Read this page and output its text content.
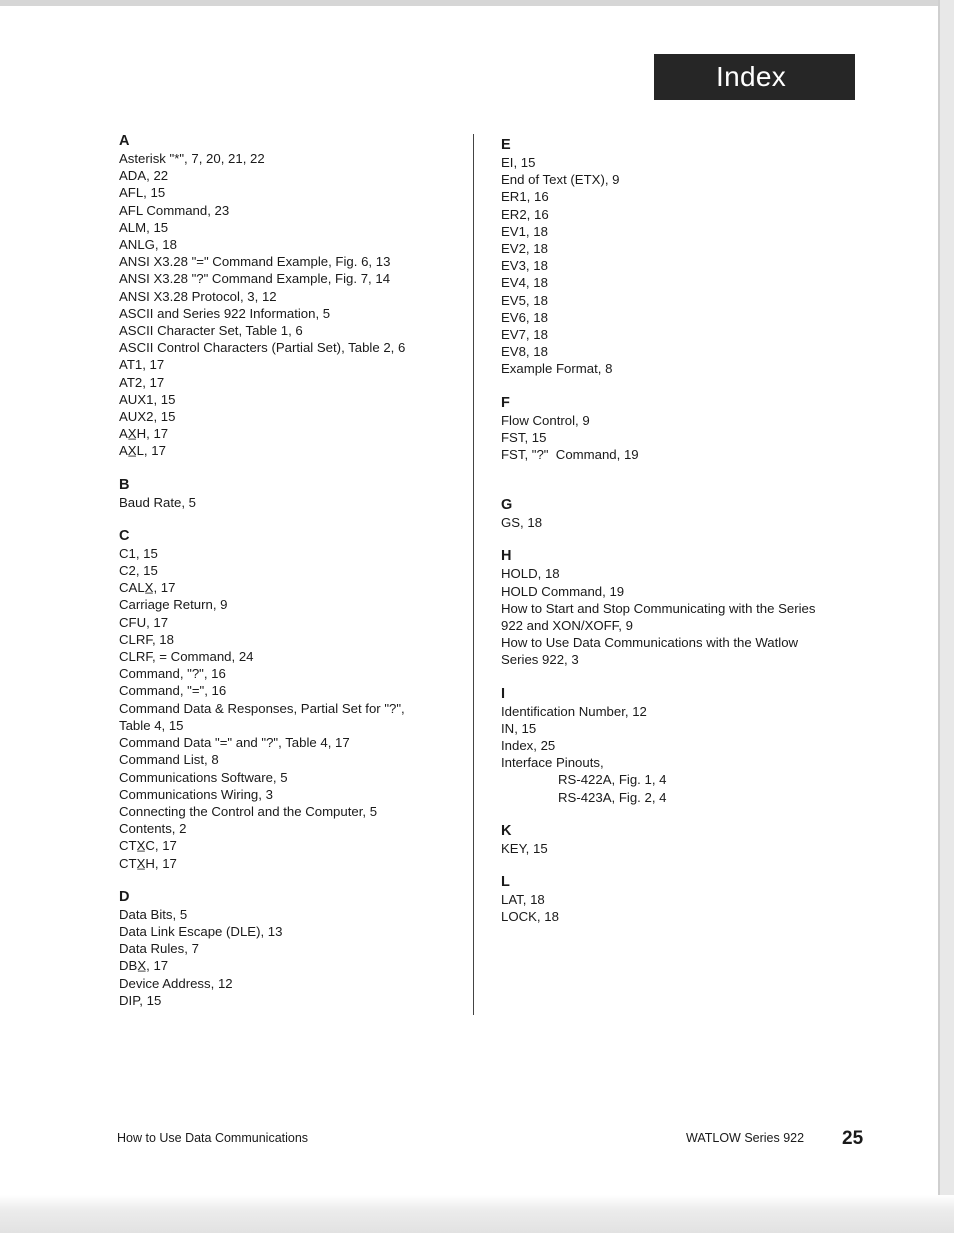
Index
A
Asterisk "*", 7, 20, 21, 22
ADA, 22
AFL, 15
AFL Command, 23
ALM, 15
ANLG, 18
ANSI X3.28 "=" Command Example, Fig. 6, 13
ANSI X3.28 "?" Command Example, Fig. 7, 14
ANSI X3.28 Protocol, 3, 12
ASCII and Series 922 Information, 5
ASCII Character Set, Table 1, 6
ASCII Control Characters (Partial Set), Table 2, 6
AT1, 17
AT2, 17
AUX1, 15
AUX2, 15
AX̲H, 17
AX̲L, 17
B
Baud Rate, 5
C
C1, 15
C2, 15
CALX̲, 17
Carriage Return, 9
CFU, 17
CLRF, 18
CLRF, = Command, 24
Command, "?", 16
Command, "=", 16
Command Data & Responses, Partial Set for "?",
Table 4, 15
Command Data "=" and "?", Table 4, 17
Command List, 8
Communications Software, 5
Communications Wiring, 3
Connecting the Control and the Computer, 5
Contents, 2
CTX̲C, 17
CTX̲H, 17
D
Data Bits, 5
Data Link Escape (DLE), 13
Data Rules, 7
DBX̲, 17
Device Address, 12
DIP, 15
E
EI, 15
End of Text (ETX), 9
ER1, 16
ER2, 16
EV1, 18
EV2, 18
EV3, 18
EV4, 18
EV5, 18
EV6, 18
EV7, 18
EV8, 18
Example Format, 8
F
Flow Control, 9
FST, 15
FST, "?"  Command, 19
G
GS, 18
H
HOLD, 18
HOLD Command, 19
How to Start and Stop Communicating with the Series
922 and XON/XOFF, 9
How to Use Data Communications with the Watlow
Series 922, 3
I
Identification Number, 12
IN, 15
Index, 25
Interface Pinouts,
RS-422A, Fig. 1, 4
RS-423A, Fig. 2, 4
K
KEY, 15
L
LAT, 18
LOCK, 18
How to Use Data Communications	WATLOW Series 922 25
